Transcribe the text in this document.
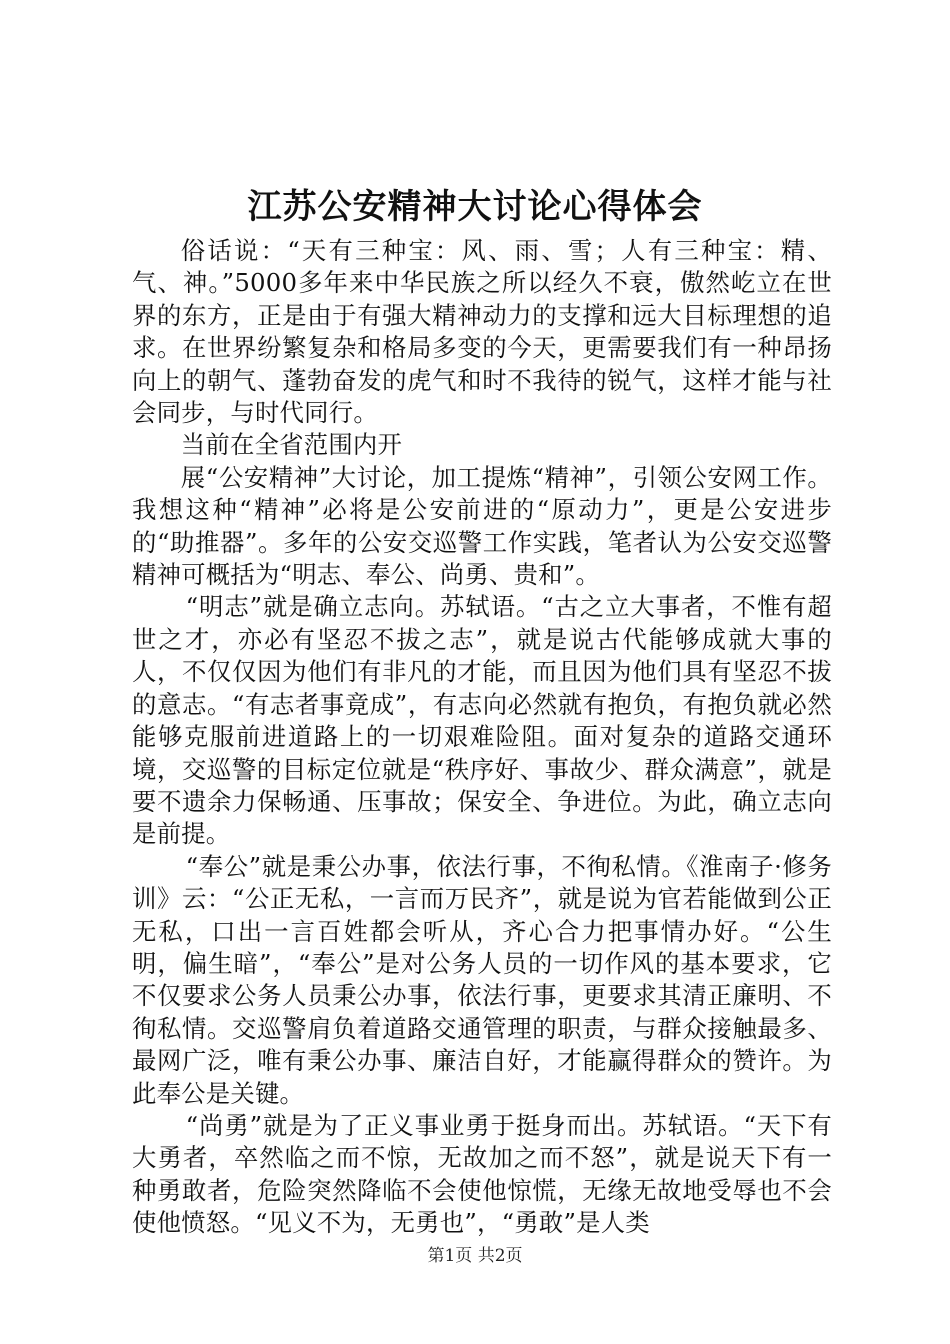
江苏公安精神大讨论心得体会

俗话说：“天有三种宝：风、雨、雪；人有三种宝：精、气、神。”5000多年来中华民族之所以经久不衰，傲然屹立在世界的东方，正是由于有强大精神动力的支撑和远大目标理想的追求。在世界纷繁复杂和格局多变的今天，更需要我们有一种昂扬向上的朝气、蓬勃奋发的虎气和时不我待的锐气，这样才能与社会同步，与时代同行。

当前在全省范围内开

展“公安精神”大讨论，加工提炼“精神”，引领公安网工作。我想这种“精神”必将是公安前进的“原动力”，更是公安进步的“助推器”。多年的公安交巡警工作实践，笔者认为公安交巡警精神可概括为“明志、奉公、尚勇、贵和”。

“明志”就是确立志向。苏轼语。“古之立大事者，不惟有超世之才，亦必有坚忍不拔之志”，就是说古代能够成就大事的人，不仅仅因为他们有非凡的才能，而且因为他们具有坚忍不拔的意志。“有志者事竟成”，有志向必然就有抱负，有抱负就必然能够克服前进道路上的一切艰难险阻。面对复杂的道路交通环境，交巡警的目标定位就是“秩序好、事故少、群众满意”，就是要不遗余力保畅通、压事故；保安全、争进位。为此，确立志向是前提。

“奉公”就是秉公办事，依法行事，不徇私情。《淮南子·修务训》云：“公正无私，一言而万民齐”，就是说为官若能做到公正无私，口出一言百姓都会听从，齐心合力把事情办好。“公生明，偏生暗”，“奉公”是对公务人员的一切作风的基本要求，它不仅要求公务人员秉公办事，依法行事，更要求其清正廉明、不徇私情。交巡警肩负着道路交通管理的职责，与群众接触最多、最网广泛，唯有秉公办事、廉洁自好，才能赢得群众的赞许。为此奉公是关键。

“尚勇”就是为了正义事业勇于挺身而出。苏轼语。“天下有大勇者，卒然临之而不惊，无故加之而不怒”，就是说天下有一种勇敢者，危险突然降临不会使他惊慌，无缘无故地受辱也不会使他愤怒。“见义不为，无勇也”，“勇敢”是人类

第1页 共2页
